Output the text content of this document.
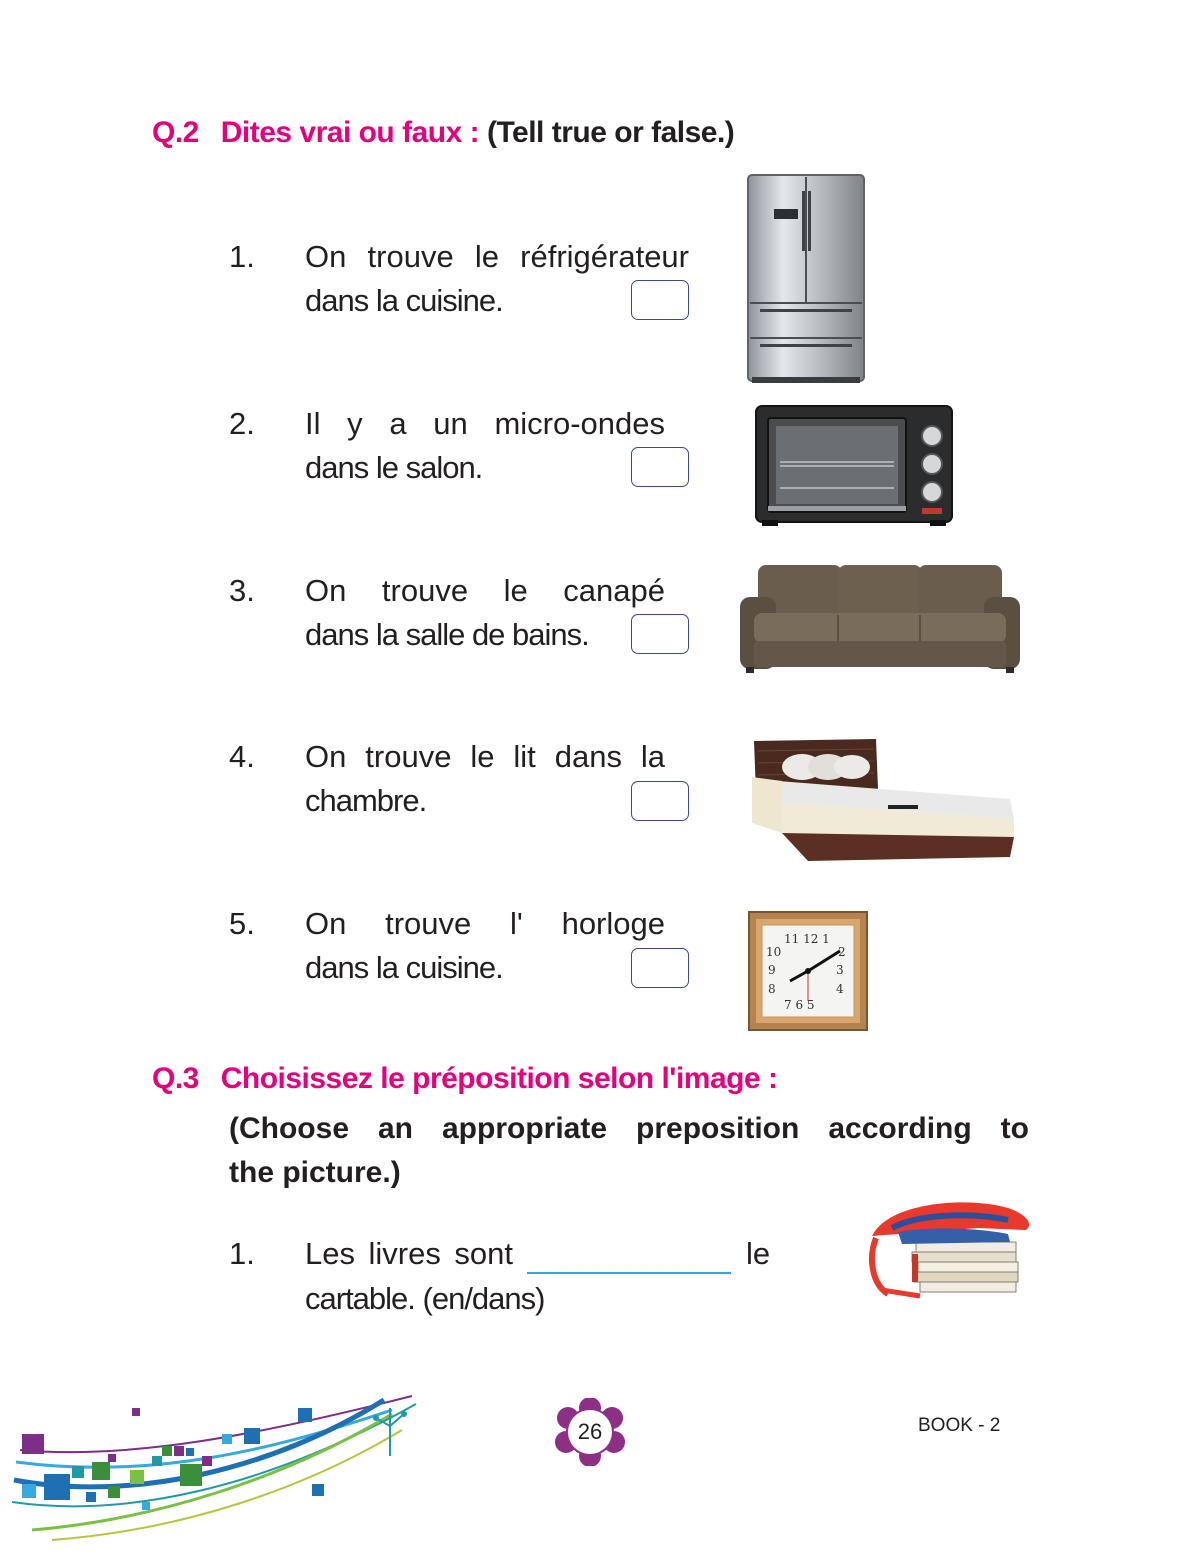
Q.2 Dites vrai ou faux : (Tell true or false.)
1. On trouve le réfrigérateur
dans la cuisine.
2. Il y a un micro-ondes
dans le salon.
3. On trouve le canapé
dans la salle de bains.
4. On trouve le lit dans la
chambre.
5. On trouve l' horloge
dans la cuisine.
11 12 1
10	2
9	3
8	4
7 6 5
Q.3 Choisissez le préposition selon l'image :
(Choose an appropriate preposition according to
the picture.)
1. Les livres sont	le
cartable. (en/dans)
26	BOOK - 2
